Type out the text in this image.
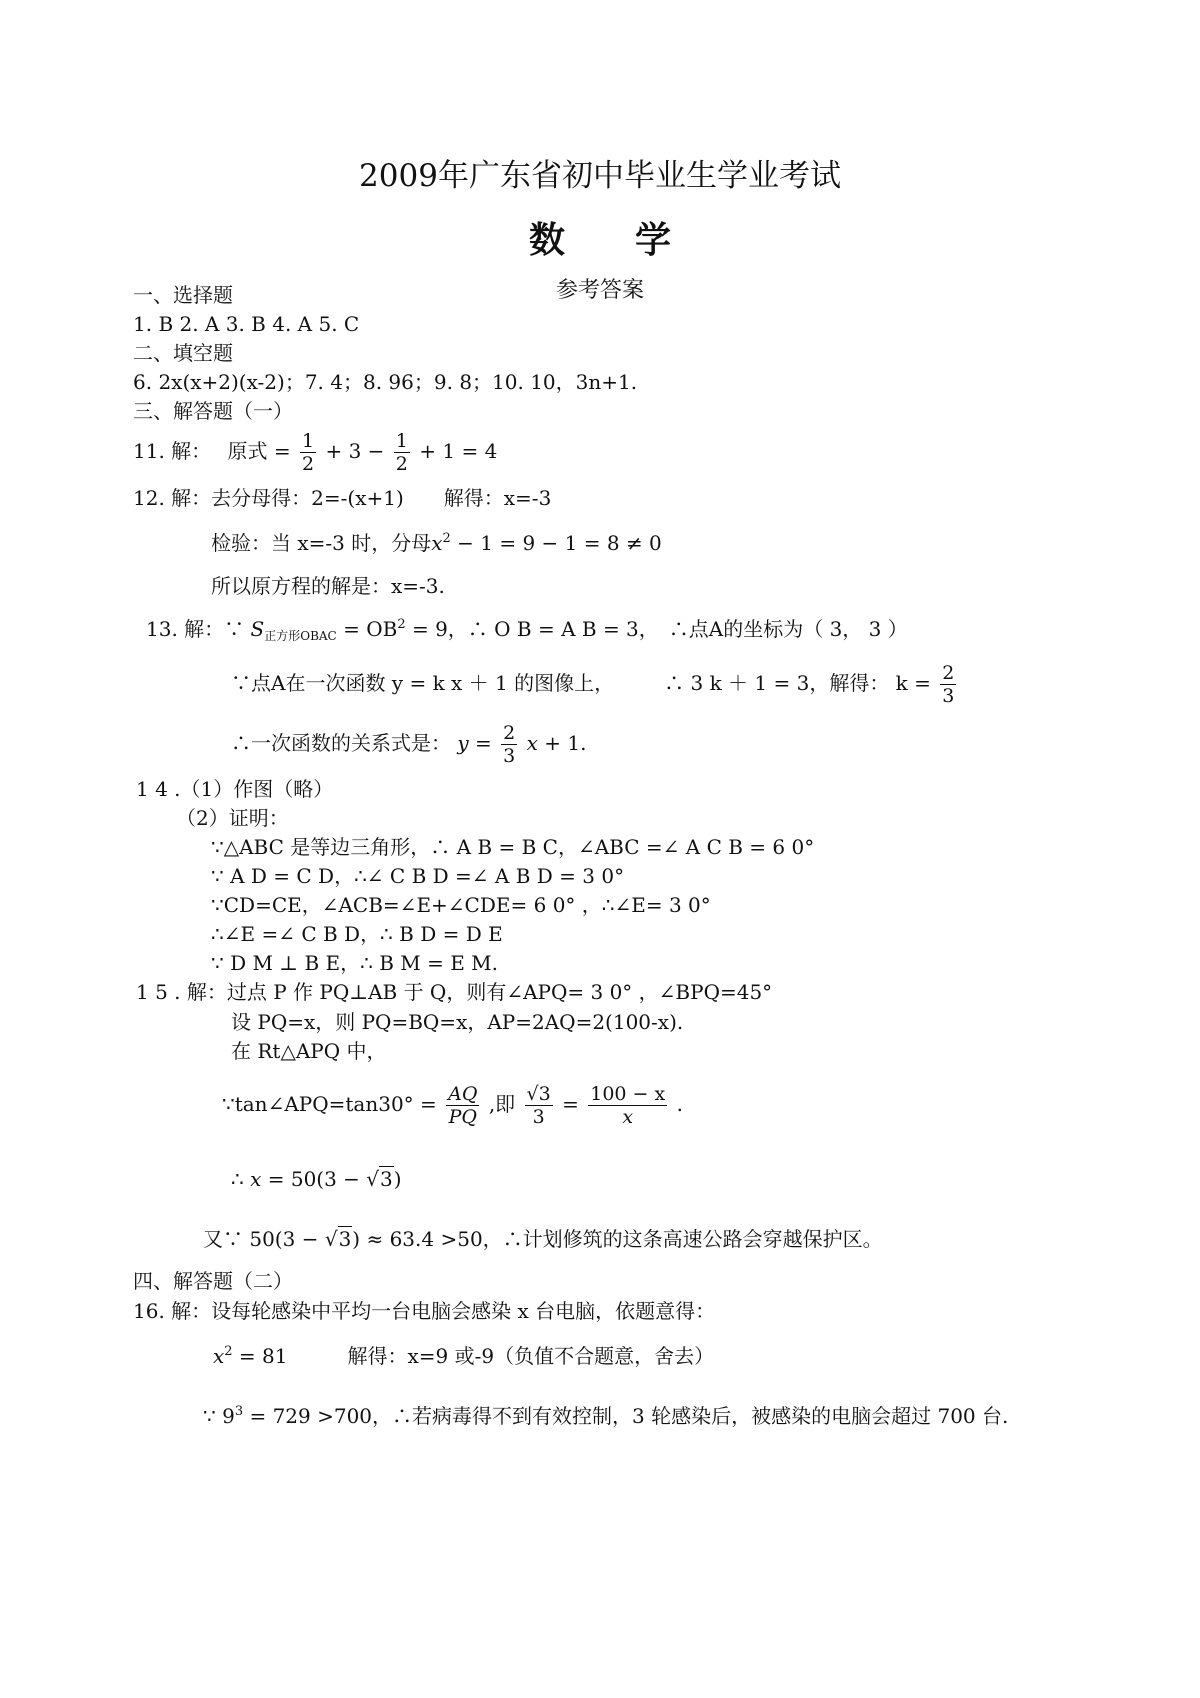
2009年广东省初中毕业生学业考试
数学
参考答案
一、选择题
1. B 2. A 3. B 4. A 5. C
二、填空题
6. 2x(x+2)(x-2)；7. 4；8. 96；9. 8；10. 10，3n+1.
三、解答题（一）
11. 解： 原式 = $\frac{1}{2} + 3 - \frac{1}{2} + 1 = 4$
12. 解：去分母得：2=-(x+1)　　解得：x=-3
检验：当 x=-3 时，分母$x^2 - 1 = 9 - 1 = 8 \ne 0$
所以原方程的解是：x=-3.
13. 解：∵ $S_{正方形OBAC} = OB^2 = 9$，∴ O B = A B = 3，　∴点A的坐标为（ 3， 3 ）
∵点A在一次函数 y = k x ＋ 1 的图像上，　　　∴ 3 k ＋ 1 = 3，解得： $k = \frac{2}{3}$
∴一次函数的关系式是： $y = \frac{2}{3}$ x + 1.
1 4 .（1）作图（略）
（2）证明：
∵△ABC 是等边三角形，∴ A B = B C，∠ABC =∠ A C B = 6 0°
∵ A D = C D，∴∠ C B D =∠ A B D = 3 0°
∵CD=CE，∠ACB=∠E+∠CDE= 6 0° ，∴∠E= 3 0°
∴∠E =∠ C B D，∴ B D = D E
∵ D M ⊥ B E，∴ B M = E M.
1 5 . 解：过点 P 作 PQ⊥AB 于 Q，则有∠APQ= 3 0° ，∠BPQ=45°
设 PQ=x，则 PQ=BQ=x，AP=2AQ=2(100-x).
在 Rt△APQ 中，
∵tan∠APQ=tan30° = $\frac{AQ}{PQ}$ ,即 $\frac{√3}{3} = \frac{100 - x}{x}$ .
∴ x = 50(3 − √3)
又∵ 50(3 − √3) ≈ 63.4 >50，∴计划修筑的这条高速公路会穿越保护区。
四、解答题（二）
16. 解：设每轮感染中平均一台电脑会感染 x 台电脑，依题意得：
$x^2 = 81$　　　解得：x=9 或-9（负值不合题意，舍去）
∵ $9^3 = 729 >700$，∴若病毒得不到有效控制，3 轮感染后，被感染的电脑会超过 700 台.
